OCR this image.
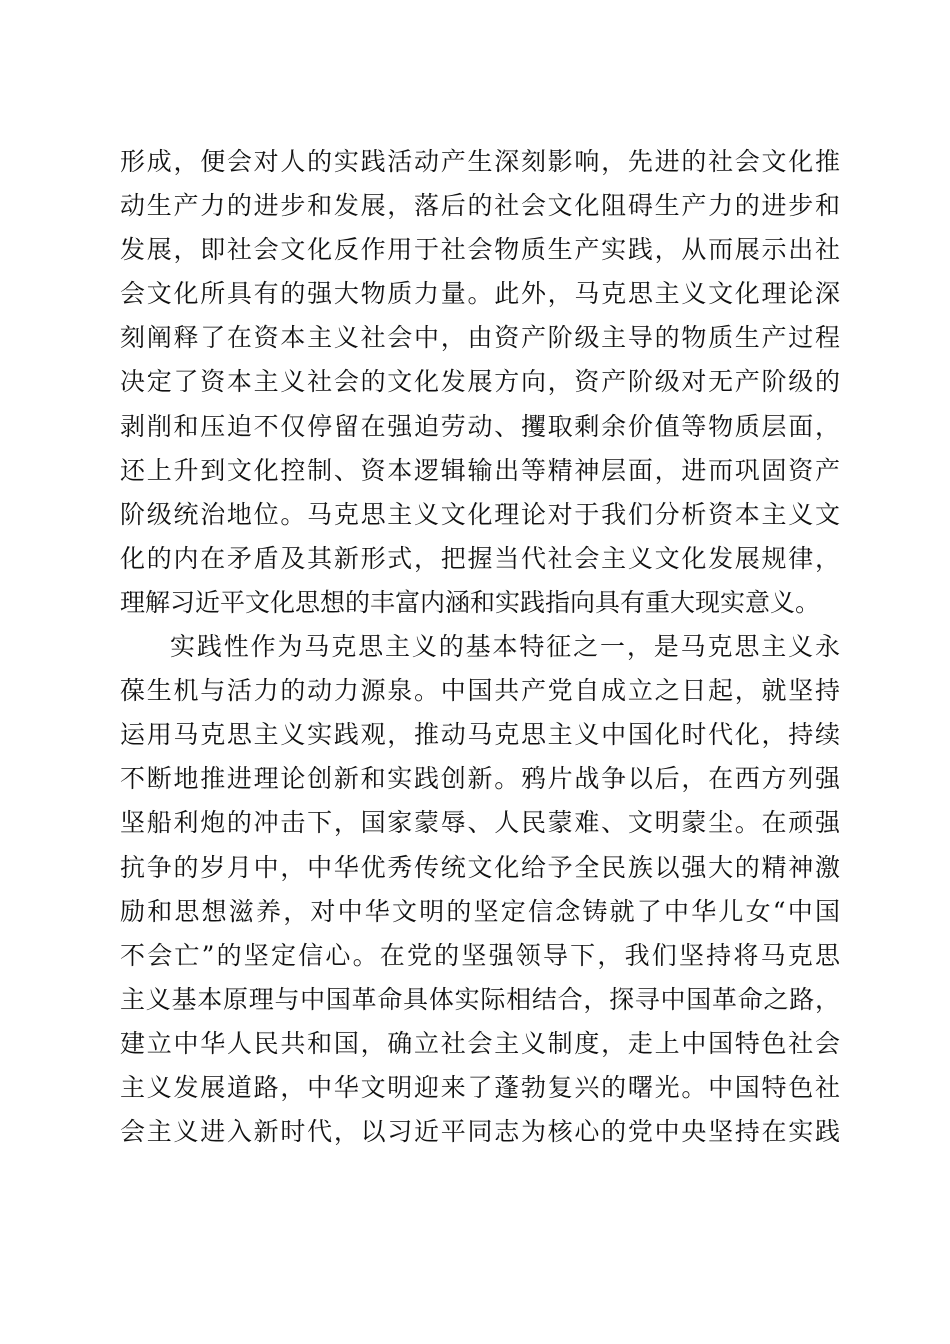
形成，便会对人的实践活动产生深刻影响，先进的社会文化推
动生产力的进步和发展，落后的社会文化阻碍生产力的进步和
发展，即社会文化反作用于社会物质生产实践，从而展示出社
会文化所具有的强大物质力量。此外，马克思主义文化理论深
刻阐释了在资本主义社会中，由资产阶级主导的物质生产过程
决定了资本主义社会的文化发展方向，资产阶级对无产阶级的
剥削和压迫不仅停留在强迫劳动、攫取剩余价值等物质层面，
还上升到文化控制、资本逻辑输出等精神层面，进而巩固资产
阶级统治地位。马克思主义文化理论对于我们分析资本主义文
化的内在矛盾及其新形式，把握当代社会主义文化发展规律，
理解习近平文化思想的丰富内涵和实践指向具有重大现实意义。
实践性作为马克思主义的基本特征之一，是马克思主义永
葆生机与活力的动力源泉。中国共产党自成立之日起，就坚持
运用马克思主义实践观，推动马克思主义中国化时代化，持续
不断地推进理论创新和实践创新。鸦片战争以后，在西方列强
坚船利炮的冲击下，国家蒙辱、人民蒙难、文明蒙尘。在顽强
抗争的岁月中，中华优秀传统文化给予全民族以强大的精神激
励和思想滋养，对中华文明的坚定信念铸就了中华儿女“中国
不会亡”的坚定信心。在党的坚强领导下，我们坚持将马克思
主义基本原理与中国革命具体实际相结合，探寻中国革命之路，
建立中华人民共和国，确立社会主义制度，走上中国特色社会
主义发展道路，中华文明迎来了蓬勃复兴的曙光。中国特色社
会主义进入新时代，以习近平同志为核心的党中央坚持在实践
